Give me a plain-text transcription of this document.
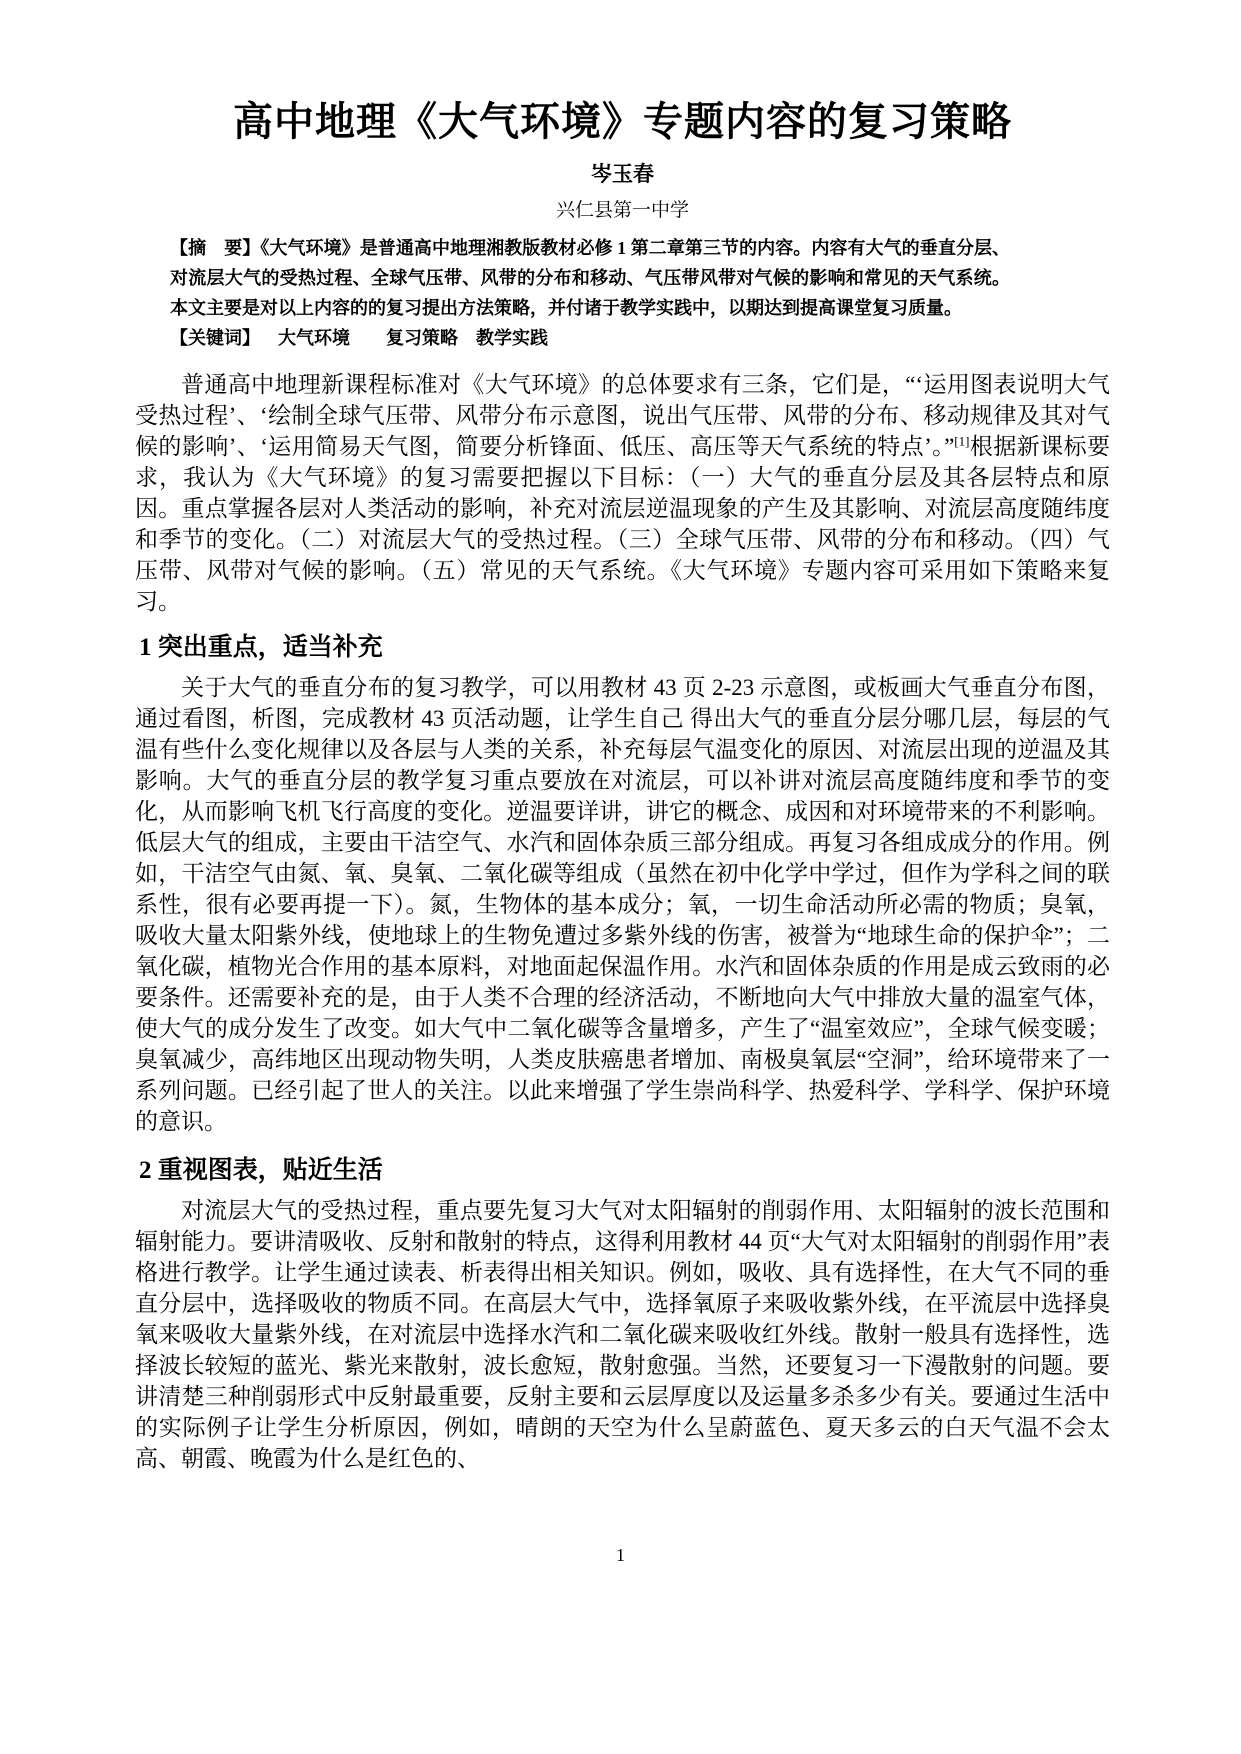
高中地理《大气环境》专题内容的复习策略
岑玉春
兴仁县第一中学

【摘　要】《大气环境》是普通高中地理湘教版教材必修 1 第二章第三节的内容。内容有大气的垂直分层、对流层大气的受热过程、全球气压带、风带的分布和移动、气压带风带对气候的影响和常见的天气系统。本文主要是对以上内容的的复习提出方法策略，并付诸于教学实践中，以期达到提高课堂复习质量。

【关键词】 大气环境　　复习策略　教学实践

普通高中地理新课程标准对《大气环境》的总体要求有三条，它们是，“‘运用图表说明大气受热过程’、‘绘制全球气压带、风带分布示意图，说出气压带、风带的分布、移动规律及其对气候的影响’、‘运用简易天气图，简要分析锋面、低压、高压等天气系统的特点’。”[1]根据新课标要求，我认为《大气环境》的复习需要把握以下目标：（一）大气的垂直分层及其各层特点和原因。重点掌握各层对人类活动的影响，补充对流层逆温现象的产生及其影响、对流层高度随纬度和季节的变化。（二）对流层大气的受热过程。（三）全球气压带、风带的分布和移动。（四）气压带、风带对气候的影响。（五）常见的天气系统。《大气环境》专题内容可采用如下策略来复习。

1 突出重点，适当补充

关于大气的垂直分布的复习教学，可以用教材 43 页 2-23 示意图，或板画大气垂直分布图，通过看图，析图，完成教材 43 页活动题，让学生自己 得出大气的垂直分层分哪几层，每层的气温有些什么变化规律以及各层与人类的关系，补充每层气温变化的原因、对流层出现的逆温及其影响。大气的垂直分层的教学复习重点要放在对流层，可以补讲对流层高度随纬度和季节的变化，从而影响飞机飞行高度的变化。逆温要详讲，讲它的概念、成因和对环境带来的不利影响。低层大气的组成，主要由干洁空气、水汽和固体杂质三部分组成。再复习各组成成分的作用。例如，干洁空气由氮、氧、臭氧、二氧化碳等组成（虽然在初中化学中学过，但作为学科之间的联系性，很有必要再提一下）。氮，生物体的基本成分；氧，一切生命活动所必需的物质；臭氧，吸收大量太阳紫外线，使地球上的生物免遭过多紫外线的伤害，被誉为“地球生命的保护伞”；二氧化碳，植物光合作用的基本原料，对地面起保温作用。水汽和固体杂质的作用是成云致雨的必要条件。还需要补充的是，由于人类不合理的经济活动，不断地向大气中排放大量的温室气体，使大气的成分发生了改变。如大气中二氧化碳等含量增多，产生了“温室效应”，全球气候变暖；臭氧减少，高纬地区出现动物失明，人类皮肤癌患者增加、南极臭氧层“空洞”，给环境带来了一系列问题。已经引起了世人的关注。以此来增强了学生崇尚科学、热爱科学、学科学、保护环境的意识。

2 重视图表，贴近生活

对流层大气的受热过程，重点要先复习大气对太阳辐射的削弱作用、太阳辐射的波长范围和辐射能力。要讲清吸收、反射和散射的特点，这得利用教材 44 页“大气对太阳辐射的削弱作用”表格进行教学。让学生通过读表、析表得出相关知识。例如，吸收、具有选择性，在大气不同的垂直分层中，选择吸收的物质不同。在高层大气中，选择氧原子来吸收紫外线，在平流层中选择臭氧来吸收大量紫外线，在对流层中选择水汽和二氧化碳来吸收红外线。散射一般具有选择性，选择波长较短的蓝光、紫光来散射，波长愈短，散射愈强。当然，还要复习一下漫散射的问题。要讲清楚三种削弱形式中反射最重要，反射主要和云层厚度以及运量多杀多少有关。要通过生活中的实际例子让学生分析原因，例如，晴朗的天空为什么呈蔚蓝色、夏天多云的白天气温不会太高、朝霞、晚霞为什么是红色的、

1
